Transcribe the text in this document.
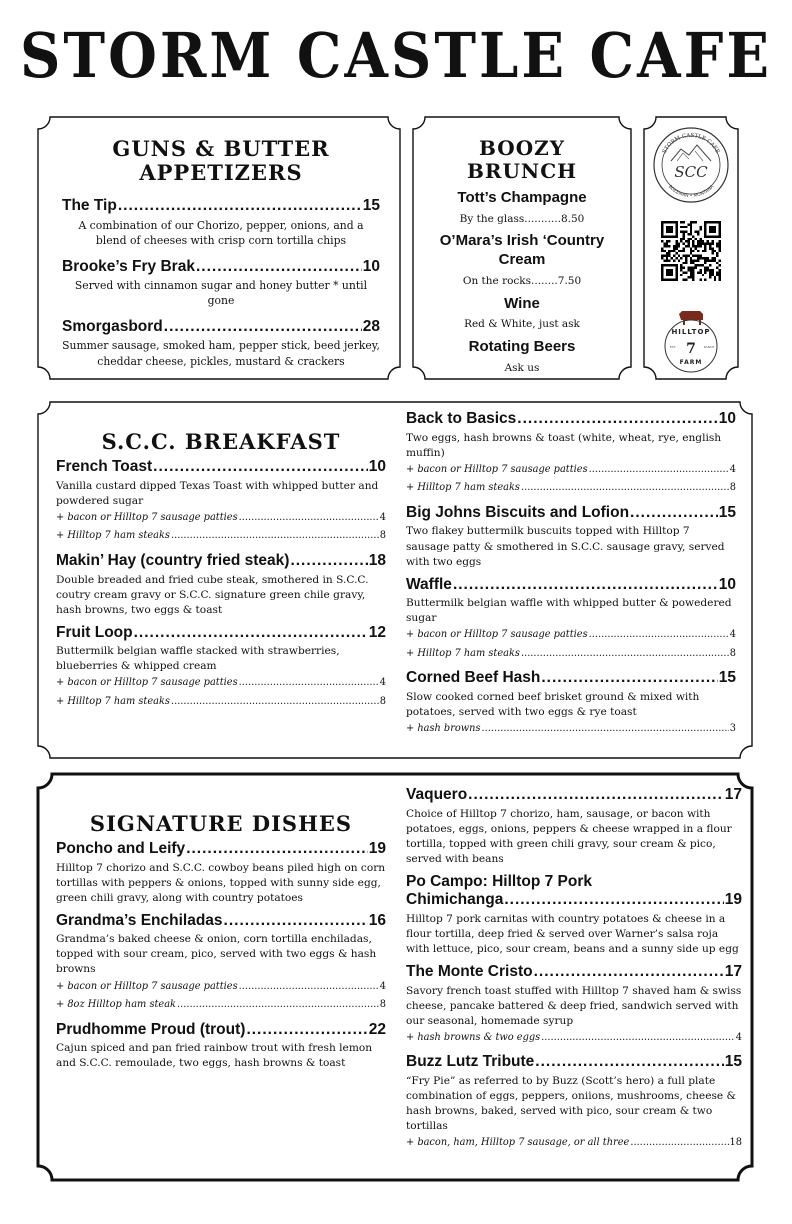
STORM CASTLE CAFE
GUNS & BUTTER
APPETIZERS
The Tip .....	15
A combination of our Chorizo, pepper, onions, and a blend of cheeses with crisp corn tortilla chips
Brooke’s Fry Brak .....	10
Served with cinnamon sugar and honey butter * until gone
Smorgasbord .....	28
Summer sausage, smoked ham, pepper stick, beed jerkey, cheddar cheese, pickles, mustard & crackers
BOOZY BRUNCH
Tott’s Champagne
By the glass...........8.50
O’Mara’s Irish ‘Country Cream
On the rocks........7.50
Wine
Red & White, just ask
Rotating Beers
Ask us
STORM CASTLE CAFE
SCC
BOZEMAN • MONTANA
HILLTOP
7
EST.	RANCH
FARM
S.C.C. BREAKFAST
French Toast .....	10
Vanilla custard dipped Texas Toast with whipped butter and powdered sugar
+ bacon or Hilltop 7 sausage patties .....	4
+ Hilltop 7 ham steaks .....	8
Makin’ Hay (country fried steak) .....	18
Double breaded and fried cube steak, smothered in S.C.C. coutry cream gravy or S.C.C. signature green chile gravy, hash browns, two eggs & toast
Fruit Loop .....	12
Buttermilk belgian waffle stacked with strawberries, blueberries & whipped cream
+ bacon or Hilltop 7 sausage patties .....	4
+ Hilltop 7 ham steaks .....	8
Back to Basics .....	10
Two eggs, hash browns & toast (white, wheat, rye, english muffin)
+ bacon or Hilltop 7 sausage patties .....	4
+ Hilltop 7 ham steaks .....	8
Big Johns Biscuits and Lofion .....	15
Two flakey buttermilk buscuits topped with Hilltop 7 sausage patty & smothered in S.C.C. sausage gravy, served with two eggs
Waffle .....	10
Buttermilk belgian waffle with whipped butter & powedered sugar
+ bacon or Hilltop 7 sausage patties .....	4
+ Hilltop 7 ham steaks .....	8
Corned Beef Hash .....	15
Slow cooked corned beef brisket ground & mixed with potatoes, served with two eggs & rye toast
+ hash browns .....	3
SIGNATURE DISHES
Poncho and Leify .....	19
Hilltop 7 chorizo and S.C.C. cowboy beans piled high on corn tortillas with peppers & onions, topped with sunny side egg, green chili gravy, along with country potatoes
Grandma’s Enchiladas .....	16
Grandma’s baked cheese & onion, corn tortilla enchiladas, topped with sour cream, pico, served with two eggs & hash browns
+ bacon or Hilltop 7 sausage patties .....	4
+ 8oz Hilltop ham steak .....	8
Prudhomme Proud (trout) .....	22
Cajun spiced and pan fried rainbow trout with fresh lemon and S.C.C. remoulade, two eggs, hash browns & toast
Vaquero .....	17
Choice of Hilltop 7 chorizo, ham, sausage, or bacon with potatoes, eggs, onions, peppers & cheese wrapped in a flour tortilla, topped with green chili gravy, sour cream & pico, served with beans
Po Campo: Hilltop 7 Pork
Chimichanga .....	19
Hilltop 7 pork carnitas with country potatoes & cheese in a flour tortilla, deep fried & served over Warner’s salsa roja with lettuce, pico, sour cream, beans and a sunny side up egg
The Monte Cristo .....	17
Savory french toast stuffed with Hilltop 7 shaved ham & swiss cheese, pancake battered & deep fried, sandwich served with our seasonal, homemade syrup
+ hash browns & two eggs .....	4
Buzz Lutz Tribute .....	15
“Fry Pie” as referred to by Buzz (Scott’s hero) a full plate combination of eggs, peppers, oniions, mushrooms, cheese & hash browns, baked, served with pico, sour cream & two tortillas
+ bacon, ham, Hilltop 7 sausage, or all three .....	18
